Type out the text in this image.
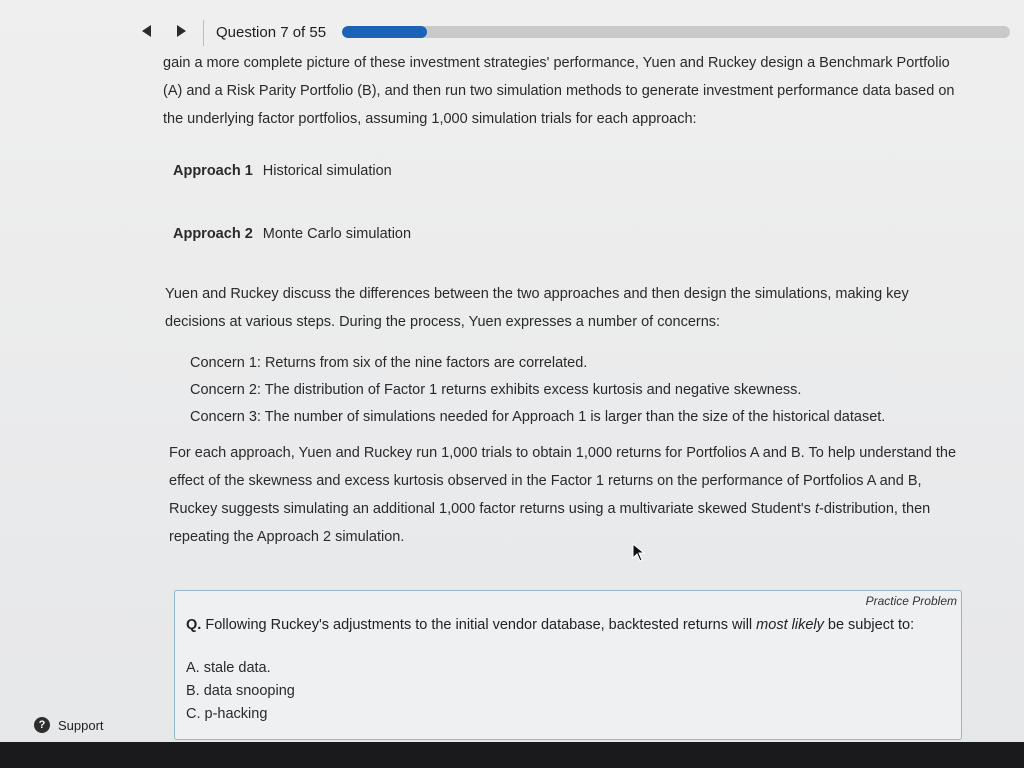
Question 7 of 55

gain a more complete picture of these investment strategies' performance, Yuen and Ruckey design a Benchmark Portfolio (A) and a Risk Parity Portfolio (B), and then run two simulation methods to generate investment performance data based on the underlying factor portfolios, assuming 1,000 simulation trials for each approach:

Approach 1 Historical simulation
Approach 2 Monte Carlo simulation

Yuen and Ruckey discuss the differences between the two approaches and then design the simulations, making key decisions at various steps. During the process, Yuen expresses a number of concerns:

Concern 1: Returns from six of the nine factors are correlated.
Concern 2: The distribution of Factor 1 returns exhibits excess kurtosis and negative skewness.
Concern 3: The number of simulations needed for Approach 1 is larger than the size of the historical dataset.

For each approach, Yuen and Ruckey run 1,000 trials to obtain 1,000 returns for Portfolios A and B. To help understand the effect of the skewness and excess kurtosis observed in the Factor 1 returns on the performance of Portfolios A and B, Ruckey suggests simulating an additional 1,000 factor returns using a multivariate skewed Student's t-distribution, then repeating the Approach 2 simulation.

Practice Problem
Q. Following Ruckey's adjustments to the initial vendor database, backtested returns will most likely be subject to:
A. stale data.
B. data snooping
C. p-hacking
? Support
